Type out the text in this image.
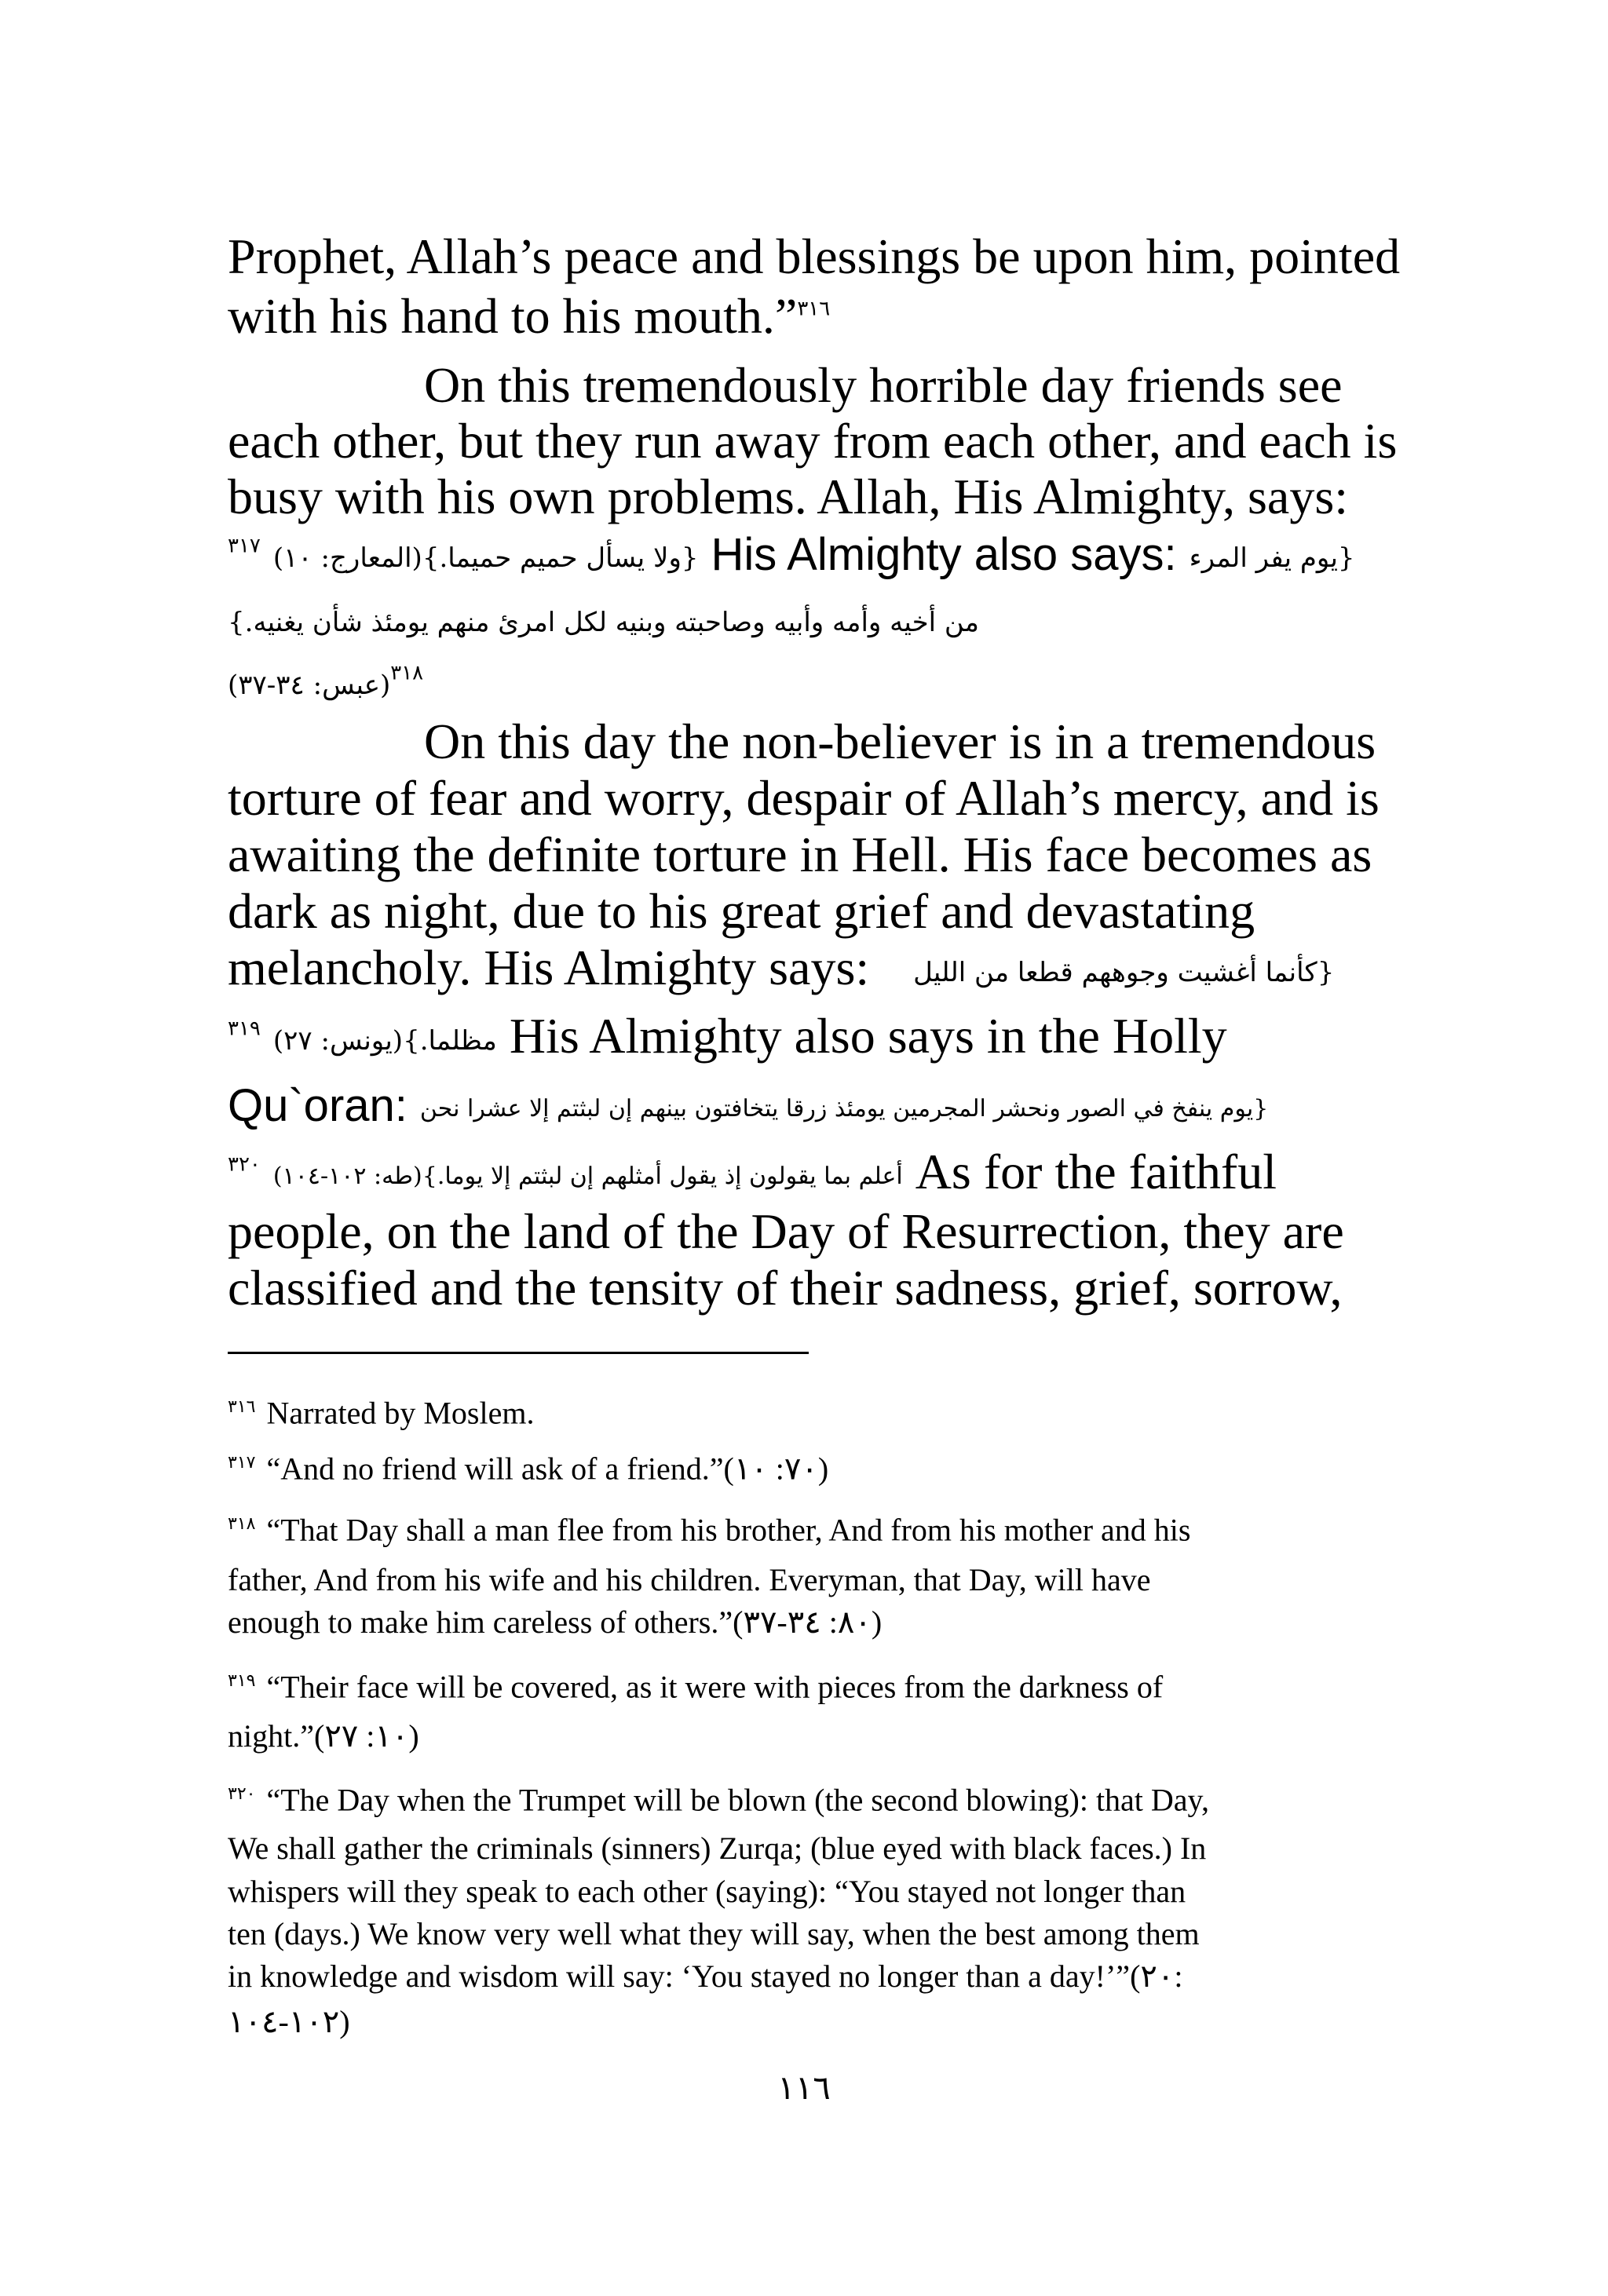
Prophet, Allah’s peace and blessings be upon him, pointed
with his hand to his mouth.”$^{٣١٦}$
On this tremendously horrible day friends see
each other, but they run away from each other, and each is
busy with his own problems. Allah, His Almighty, says:
$^{٣١٧}$ {ولا يسأل حميم حميما.}(المعارج: ١٠) His Almighty also says: {يوم يفر المرء
من أخيه وأمه وأبيه وصاحبته وبنيه لكل امرئ منهم يومئذ شأن يغنيه.}
(عبس: ٣٤-٣٧)$^{٣١٨}$
On this day the non-believer is in a tremendous
torture of fear and worry, despair of Allah’s mercy, and is
awaiting the definite torture in Hell. His face becomes as
dark as night, due to his great grief and devastating
melancholy. His Almighty says: {كأنما أغشيت وجوههم قطعا من الليل
$^{٣١٩}$ مظلما.}(يونس: ٢٧) His Almighty also says in the Holly
Qu`oran: {يوم ينفخ في الصور ونحشر المجرمين يومئذ زرقا يتخافتون بينهم إن لبثتم إلا عشرا نحن
$^{٣٢٠}$ أعلم بما يقولون إذ يقول أمثلهم إن لبثتم إلا يوما.}(طه: ١٠٢-١٠٤) As for the faithful
people, on the land of the Day of Resurrection, they are
classified and the tensity of their sadness, grief, sorrow,
$^{٣١٦}$ Narrated by Moslem.
$^{٣١٧}$ “And no friend will ask of a friend.”(٧٠: ١٠)
$^{٣١٨}$ “That Day shall a man flee from his brother, And from his mother and his
father, And from his wife and his children. Everyman, that Day, will have
enough to make him careless of others.”(٨٠: ٣٤-٣٧)
$^{٣١٩}$ “Their face will be covered, as it were with pieces from the darkness of
night.”(١٠: ٢٧)
$^{٣٢٠}$ “The Day when the Trumpet will be blown (the second blowing): that Day,
We shall gather the criminals (sinners) Zurqa; (blue eyed with black faces.) In
whispers will they speak to each other (saying): “You stayed not longer than
ten (days.) We know very well what they will say, when the best among them
in knowledge and wisdom will say: ‘You stayed no longer than a day!’”(٢٠:
١٠٢-١٠٤)
١١٦
